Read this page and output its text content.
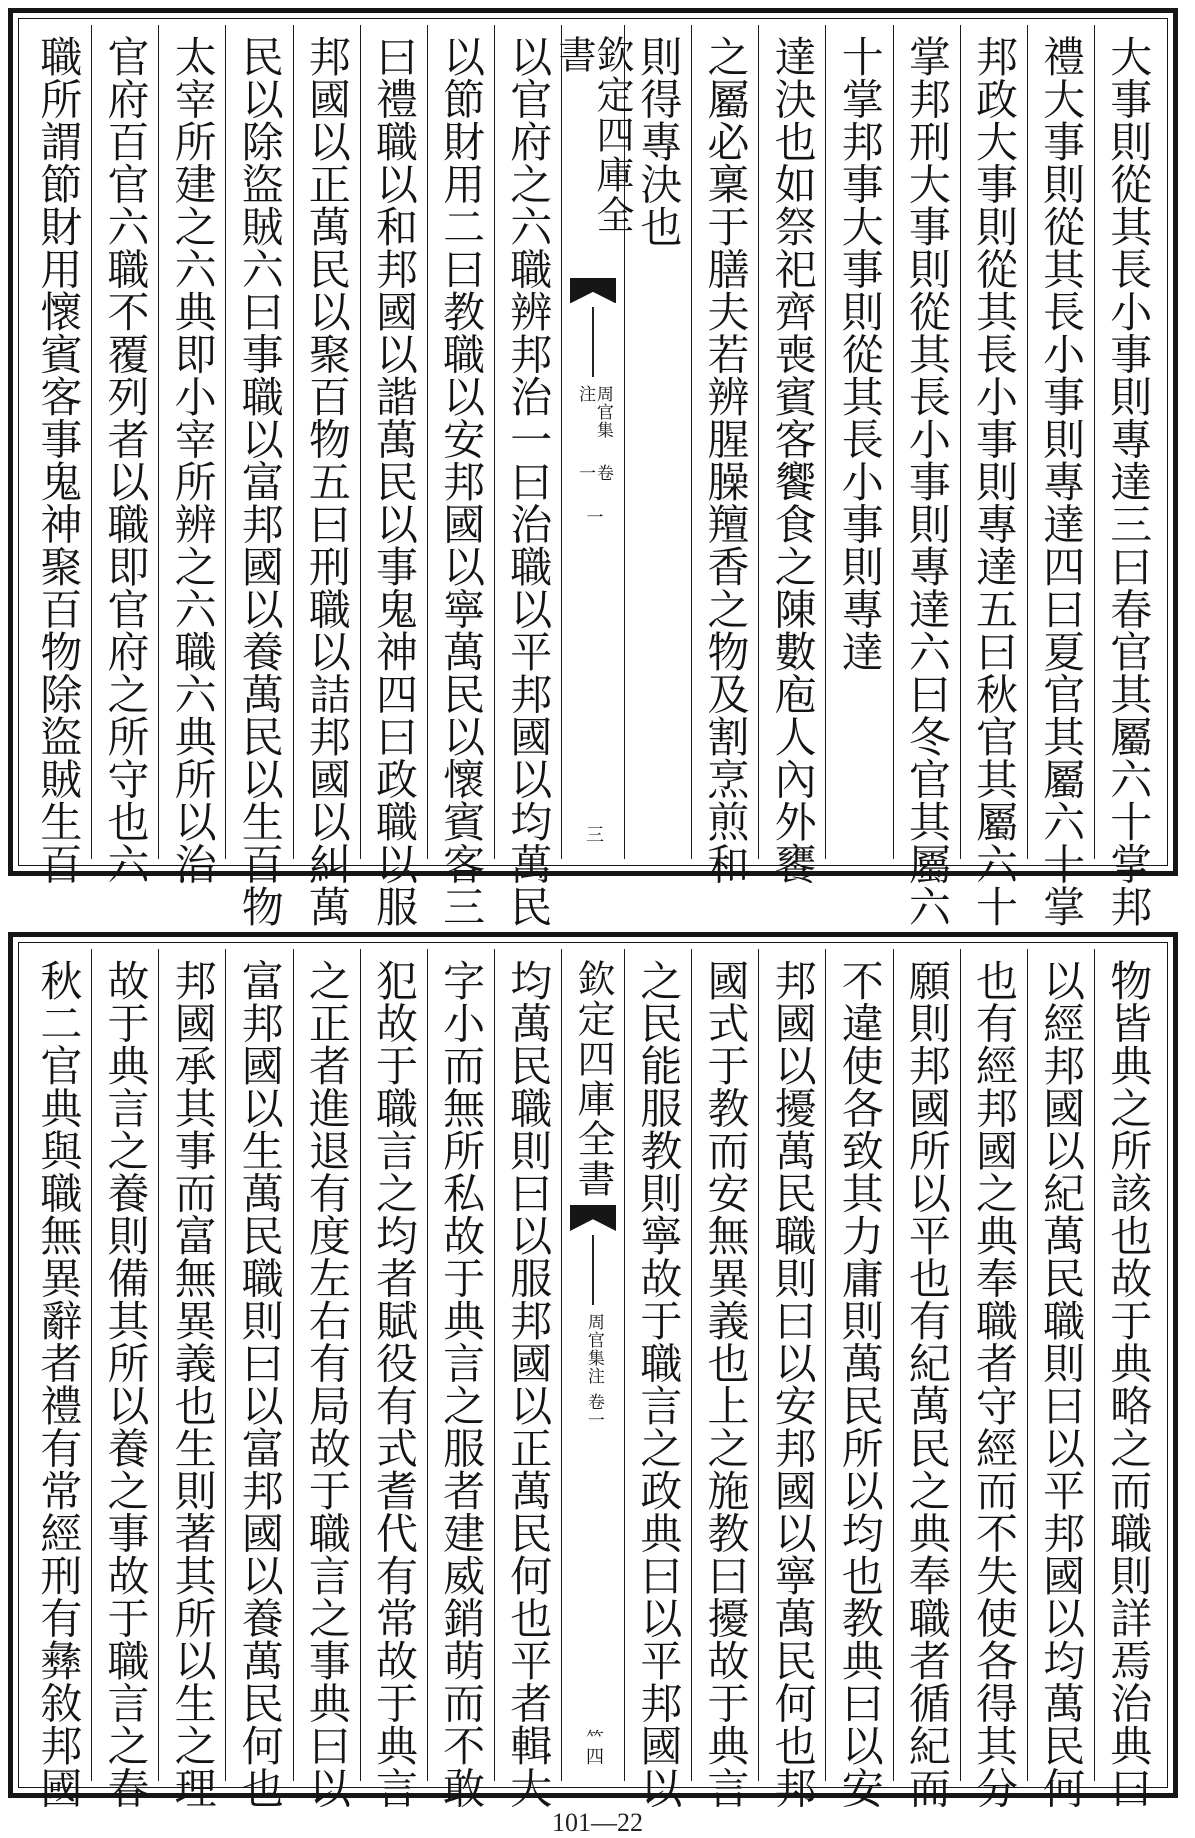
大事則從其長小事則專達三曰春官其屬六十掌邦
禮大事則從其長小事則專達四曰夏官其屬六十掌
邦政大事則從其長小事則專達五曰秋官其屬六十
掌邦刑大事則從其長小事則專達六曰冬官其屬六
十掌邦事大事則從其長小事則專達
達決也如祭祀齊喪賓客饗食之陳數庖人內外饔
之屬必稟于膳夫若辨腥臊羶香之物及割烹煎和
則得專決也
欽定四庫全書
周官集注
卷一
一
三
以官府之六職辨邦治一曰治職以平邦國以均萬民
以節財用二曰教職以安邦國以寧萬民以懷賓客三
曰禮職以和邦國以諧萬民以事鬼神四曰政職以服
邦國以正萬民以聚百物五曰刑職以詰邦國以糾萬
民以除盜賊六曰事職以富邦國以養萬民以生百物
太宰所建之六典即小宰所辨之六職六典所以治
官府百官六職不覆列者以職即官府之所守也六
職所謂節財用懷賓客事鬼神聚百物除盜賊生百
物皆典之所該也故于典略之而職則詳焉治典曰
以經邦國以紀萬民職則曰以平邦國以均萬民何
也有經邦國之典奉職者守經而不失使各得其分
願則邦國所以平也有紀萬民之典奉職者循紀而
不違使各致其力庸則萬民所以均也教典曰以安
邦國以擾萬民職則曰以安邦國以寧萬民何也邦
國式于教而安無異義也上之施教曰擾故于典言
之民能服教則寧故于職言之政典曰以平邦國以
欽定四庫全書
周官集注
卷一
𥫗四
均萬民職則曰以服邦國以正萬民何也平者輯大
字小而無所私故于典言之服者建威銷萌而不敢
犯故于職言之均者賦役有式耆代有常故于典言
之正者進退有度左右有局故于職言之事典曰以
富邦國以生萬民職則曰以富邦國以養萬民何也
邦國承其事而富無異義也生則著其所以生之理
故于典言之養則備其所以養之事故于職言之春
秋二官典與職無異辭者禮有常經刑有彝敘邦國
101—22
